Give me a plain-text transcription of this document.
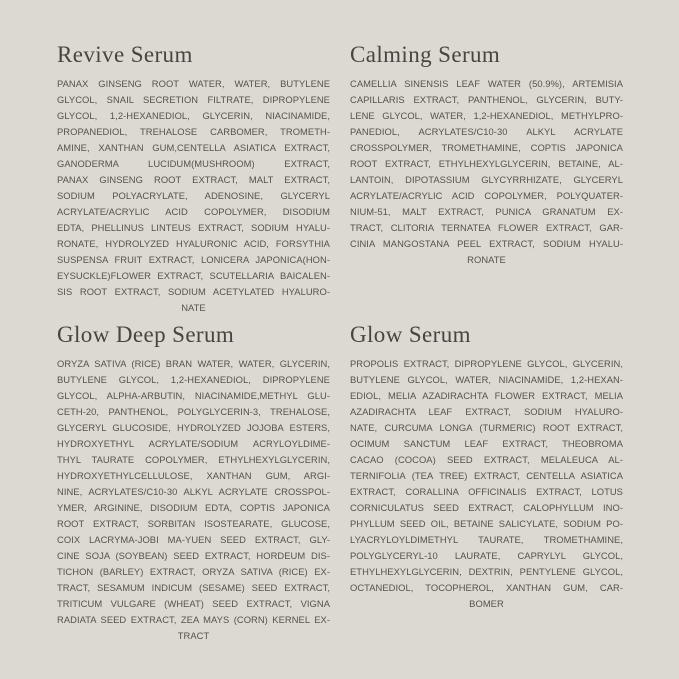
Revive Serum
PANAX GINSENG ROOT WATER, WATER, BUTYLENE
GLYCOL, SNAIL SECRETION FILTRATE, DIPROPYLENE
GLYCOL, 1,2-HEXANEDIOL, GLYCERIN, NIACINAMIDE,
PROPANEDIOL, TREHALOSE CARBOMER, TROMETH-
AMINE, XANTHAN GUM,CENTELLA ASIATICA EXTRACT,
GANODERMA LUCIDUM(MUSHROOM) EXTRACT,
PANAX GINSENG ROOT EXTRACT, MALT EXTRACT,
SODIUM POLYACRYLATE, ADENOSINE, GLYCERYL
ACRYLATE/ACRYLIC ACID COPOLYMER, DISODIUM
EDTA, PHELLINUS LINTEUS EXTRACT, SODIUM HYALU-
RONATE, HYDROLYZED HYALURONIC ACID, FORSYTHIA
SUSPENSA FRUIT EXTRACT, LONICERA JAPONICA(HON-
EYSUCKLE)FLOWER EXTRACT, SCUTELLARIA BAICALEN-
SIS ROOT EXTRACT, SODIUM ACETYLATED HYALURO-
NATE
Calming Serum
CAMELLIA SINENSIS LEAF WATER (50.9%), ARTEMISIA
CAPILLARIS EXTRACT, PANTHENOL, GLYCERIN, BUTY-
LENE GLYCOL, WATER, 1,2-HEXANEDIOL, METHYLPRO-
PANEDIOL, ACRYLATES/C10-30 ALKYL ACRYLATE
CROSSPOLYMER, TROMETHAMINE, COPTIS JAPONICA
ROOT EXTRACT, ETHYLHEXYLGLYCERIN, BETAINE, AL-
LANTOIN, DIPOTASSIUM GLYCYRRHIZATE, GLYCERYL
ACRYLATE/ACRYLIC ACID COPOLYMER, POLYQUATER-
NIUM-51, MALT EXTRACT, PUNICA GRANATUM EX-
TRACT, CLITORIA TERNATEA FLOWER EXTRACT, GAR-
CINIA MANGOSTANA PEEL EXTRACT, SODIUM HYALU-
RONATE
Glow Deep Serum
ORYZA SATIVA (RICE) BRAN WATER, WATER, GLYCERIN,
BUTYLENE GLYCOL, 1,2-HEXANEDIOL, DIPROPYLENE
GLYCOL, ALPHA-ARBUTIN, NIACINAMIDE,METHYL GLU-
CETH-20, PANTHENOL, POLYGLYCERIN-3, TREHALOSE,
GLYCERYL GLUCOSIDE, HYDROLYZED JOJOBA ESTERS,
HYDROXYETHYL ACRYLATE/SODIUM ACRYLOYLDIME-
THYL TAURATE COPOLYMER, ETHYLHEXYLGLYCERIN,
HYDROXYETHYLCELLULOSE, XANTHAN GUM, ARGI-
NINE, ACRYLATES/C10-30 ALKYL ACRYLATE CROSSPOL-
YMER, ARGININE, DISODIUM EDTA, COPTIS JAPONICA
ROOT EXTRACT, SORBITAN ISOSTEARATE, GLUCOSE,
COIX LACRYMA-JOBI MA-YUEN SEED EXTRACT, GLY-
CINE SOJA (SOYBEAN) SEED EXTRACT, HORDEUM DIS-
TICHON (BARLEY) EXTRACT, ORYZA SATIVA (RICE) EX-
TRACT, SESAMUM INDICUM (SESAME) SEED EXTRACT,
TRITICUM VULGARE (WHEAT) SEED EXTRACT, VIGNA
RADIATA SEED EXTRACT, ZEA MAYS (CORN) KERNEL EX-
TRACT
Glow Serum
PROPOLIS EXTRACT, DIPROPYLENE GLYCOL, GLYCERIN,
BUTYLENE GLYCOL, WATER, NIACINAMIDE, 1,2-HEXAN-
EDIOL, MELIA AZADIRACHTA FLOWER EXTRACT, MELIA
AZADIRACHTA LEAF EXTRACT, SODIUM HYALURO-
NATE, CURCUMA LONGA (TURMERIC) ROOT EXTRACT,
OCIMUM SANCTUM LEAF EXTRACT, THEOBROMA
CACAO (COCOA) SEED EXTRACT, MELALEUCA AL-
TERNIFOLIA (TEA TREE) EXTRACT, CENTELLA ASIATICA
EXTRACT, CORALLINA OFFICINALIS EXTRACT, LOTUS
CORNICULATUS SEED EXTRACT, CALOPHYLLUM INO-
PHYLLUM SEED OIL, BETAINE SALICYLATE, SODIUM PO-
LYACRYLOYLDIMETHYL TAURATE, TROMETHAMINE,
POLYGLYCERYL-10 LAURATE, CAPRYLYL GLYCOL,
ETHYLHEXYLGLYCERIN, DEXTRIN, PENTYLENE GLYCOL,
OCTANEDIOL, TOCOPHEROL, XANTHAN GUM, CAR-
BOMER
